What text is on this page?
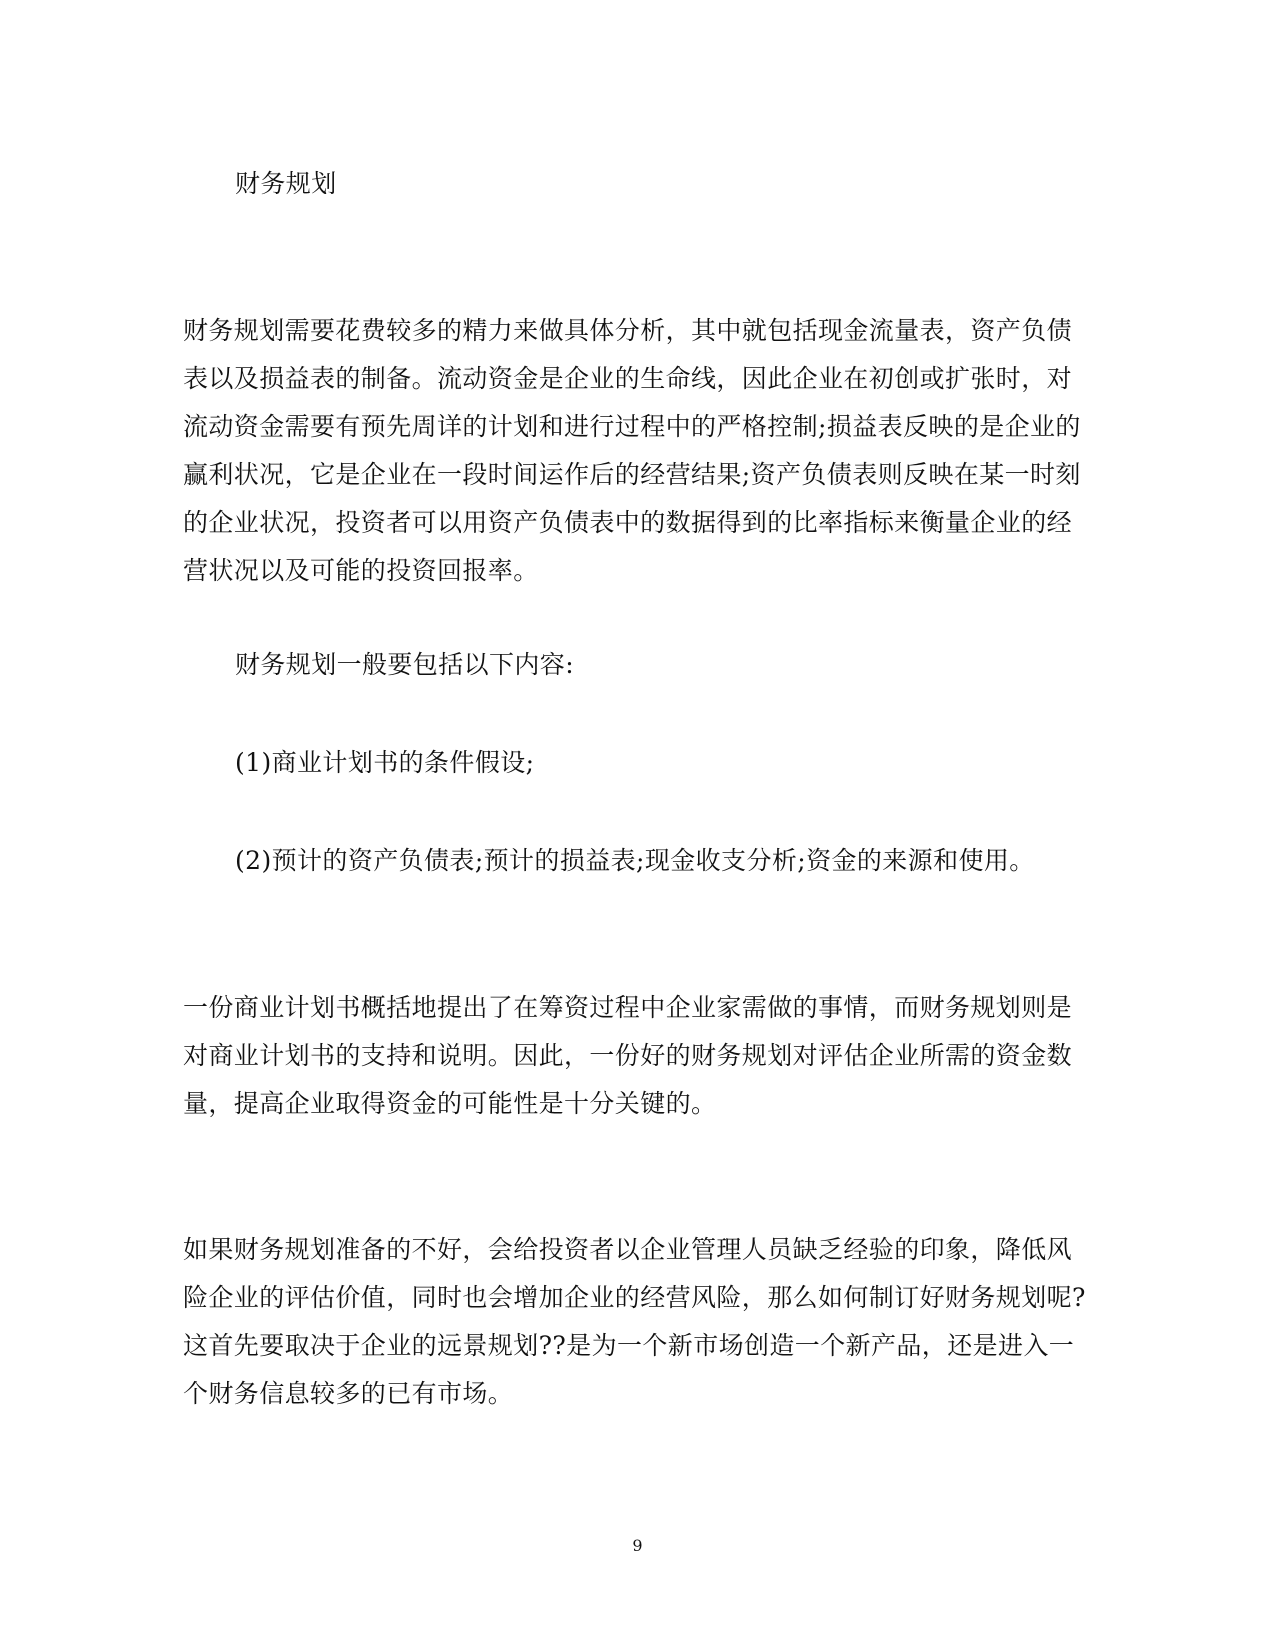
财务规划
财务规划需要花费较多的精力来做具体分析，其中就包括现金流量表，资产负债表以及损益表的制备。流动资金是企业的生命线，因此企业在初创或扩张时，对流动资金需要有预先周详的计划和进行过程中的严格控制;损益表反映的是企业的赢利状况，它是企业在一段时间运作后的经营结果;资产负债表则反映在某一时刻的企业状况，投资者可以用资产负债表中的数据得到的比率指标来衡量企业的经营状况以及可能的投资回报率。
财务规划一般要包括以下内容:
(1)商业计划书的条件假设;
(2)预计的资产负债表;预计的损益表;现金收支分析;资金的来源和使用。
一份商业计划书概括地提出了在筹资过程中企业家需做的事情，而财务规划则是对商业计划书的支持和说明。因此，一份好的财务规划对评估企业所需的资金数量，提高企业取得资金的可能性是十分关键的。
如果财务规划准备的不好，会给投资者以企业管理人员缺乏经验的印象，降低风险企业的评估价值，同时也会增加企业的经营风险，那么如何制订好财务规划呢?这首先要取决于企业的远景规划??是为一个新市场创造一个新产品，还是进入一个财务信息较多的已有市场。
9
